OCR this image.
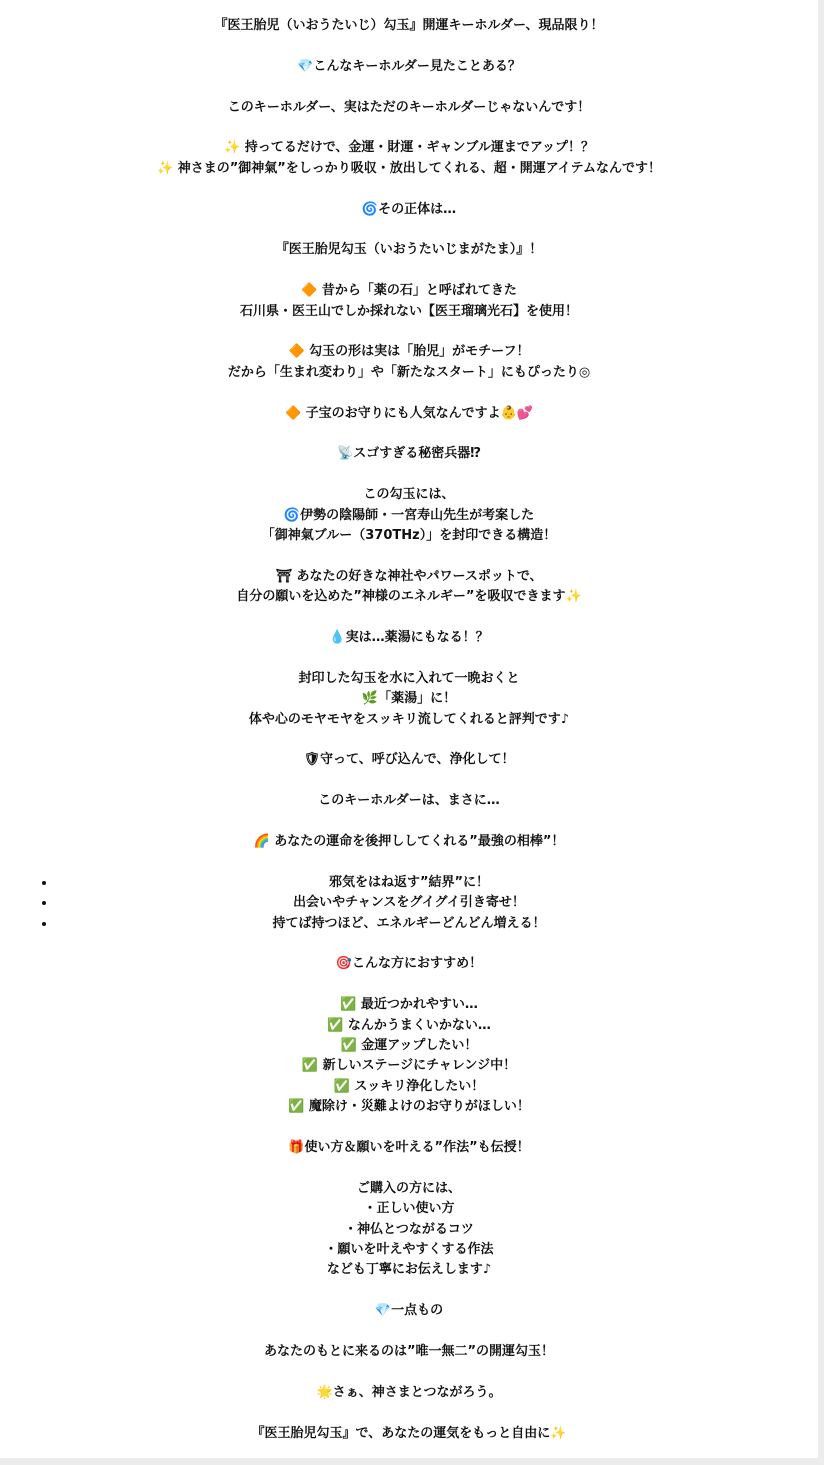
『医王胎児（いおうたいじ）勾玉』開運キーホルダー、現品限り！
💎こんなキーホルダー見たことある？
このキーホルダー、実はただのキーホルダーじゃないんです！
✨ 持ってるだけで、金運・財運・ギャンブル運までアップ！？
✨ 神さまの”御神氣”をしっかり吸収・放出してくれる、超・開運アイテムなんです！
🌀その正体は…
『医王胎児勾玉（いおうたいじまがたま）』！
🔶 昔から「薬の石」と呼ばれてきた
石川県・医王山でしか採れない【医王瑠璃光石】を使用！
🔶 勾玉の形は実は「胎児」がモチーフ！
だから「生まれ変わり」や「新たなスタート」にもぴったり◎
🔶 子宝のお守りにも人気なんですよ👶💕
📡スゴすぎる秘密兵器⁉
この勾玉には、
🌀伊勢の陰陽師・一宮寿山先生が考案した
「御神氣ブルー（370THz）」を封印できる構造！
⛩ あなたの好きな神社やパワースポットで、
自分の願いを込めた”神様のエネルギー”を吸収できます✨
💧実は…薬湯にもなる！？
封印した勾玉を水に入れて一晩おくと
🌿「薬湯」に！
体や心のモヤモヤをスッキリ流してくれると評判です♪
🛡守って、呼び込んで、浄化して！
このキーホルダーは、まさに…
🌈 あなたの運命を後押ししてくれる”最強の相棒”！
• 邪気をはね返す”結界”に！
• 出会いやチャンスをグイグイ引き寄せ！
• 持てば持つほど、エネルギーどんどん増える！
🎯こんな方におすすめ！
✅ 最近つかれやすい…
✅ なんかうまくいかない…
✅ 金運アップしたい！
✅ 新しいステージにチャレンジ中！
✅ スッキリ浄化したい！
✅ 魔除け・災難よけのお守りがほしい！
🎁使い方＆願いを叶える”作法”も伝授！
ご購入の方には、
・正しい使い方
・神仏とつながるコツ
・願いを叶えやすくする作法
なども丁寧にお伝えします♪
💎一点もの
あなたのもとに来るのは”唯一無二”の開運勾玉！
🌟さぁ、神さまとつながろう。
『医王胎児勾玉』で、あなたの運気をもっと自由に✨
